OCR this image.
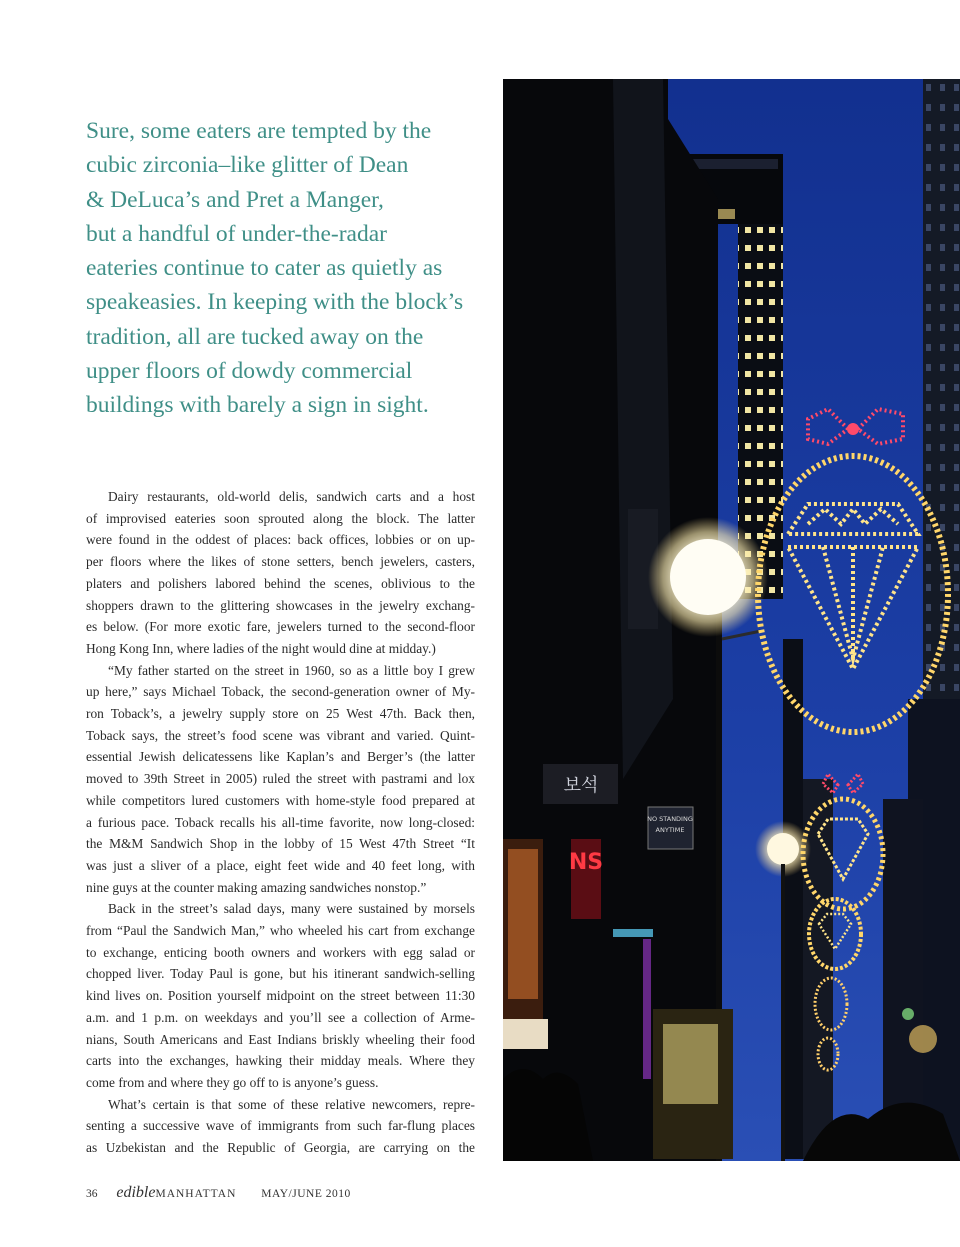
Sure, some eaters are tempted by the
cubic zirconia–like glitter of Dean
& DeLuca’s and Pret a Manger,
but a handful of under-the-radar
eateries continue to cater as quietly as
speakeasies. In keeping with the block’s
tradition, all are tucked away on the
upper floors of dowdy commercial
buildings with barely a sign in sight.
Dairy restaurants, old-world delis, sandwich carts and a host
of improvised eateries soon sprouted along the block. The latter
were found in the oddest of places: back offices, lobbies or on up-
per floors where the likes of stone setters, bench jewelers, casters,
platers and polishers labored behind the scenes, oblivious to the
shoppers drawn to the glittering showcases in the jewelry exchang-
es below. (For more exotic fare, jewelers turned to the second-floor
Hong Kong Inn, where ladies of the night would dine at midday.)
“My father started on the street in 1960, so as a little boy I grew
up here,” says Michael Toback, the second-generation owner of My-
ron Toback’s, a jewelry supply store on 25 West 47th. Back then,
Toback says, the street’s food scene was vibrant and varied. Quint-
essential Jewish delicatessens like Kaplan’s and Berger’s (the latter
moved to 39th Street in 2005) ruled the street with pastrami and lox
while competitors lured customers with home-style food prepared at
a furious pace. Toback recalls his all-time favorite, now long-closed:
the M&M Sandwich Shop in the lobby of 15 West 47th Street “It
was just a sliver of a place, eight feet wide and 40 feet long, with
nine guys at the counter making amazing sandwiches nonstop.”
Back in the street’s salad days, many were sustained by morsels
from “Paul the Sandwich Man,” who wheeled his cart from exchange
to exchange, enticing booth owners and workers with egg salad or
chopped liver. Today Paul is gone, but his itinerant sandwich-selling
kind lives on. Position yourself midpoint on the street between 11:30
a.m. and 1 p.m. on weekdays and you’ll see a collection of Arme-
nians, South Americans and East Indians briskly wheeling their food
carts into the exchanges, hawking their midday meals. Where they
come from and where they go off to is anyone’s guess.
What’s certain is that some of these relative newcomers, repre-
senting a successive wave of immigrants from such far-flung places
as Uzbekistan and the Republic of Georgia, are carrying on the
36 edibleMANHATTAN MAY/JUNE 2010
보석
NS
NO STANDING
ANYTIME
